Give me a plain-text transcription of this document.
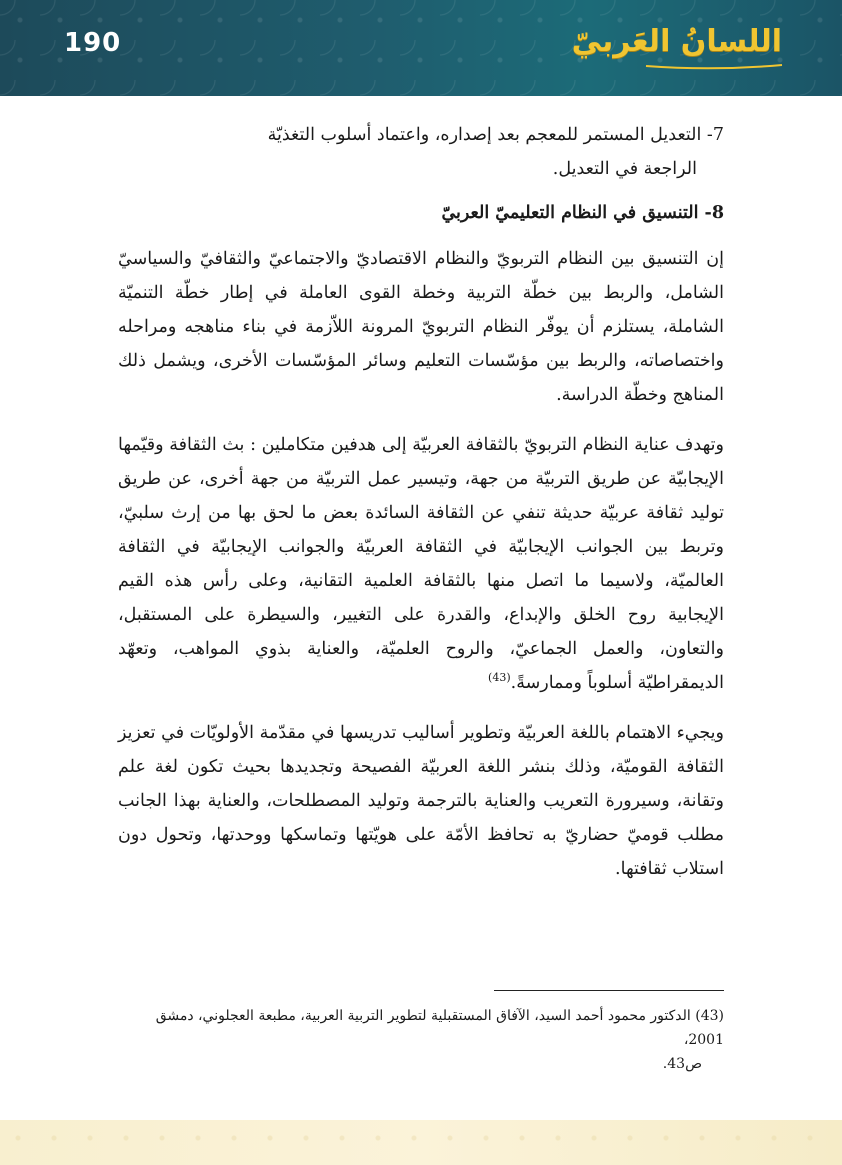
190	اللسانُ العَربيّ

7- التعديل المستمر للمعجم بعد إصداره، واعتماد أسلوب التغذيّة

الراجعة في التعديل.

8- التنسيق في النظام التعليميّ العربيّ

إن التنسيق بين النظام التربويّ والنظام الاقتصاديّ والاجتماعيّ والثقافيّ والسياسيّ الشامل، والربط بين خطّة التربية وخطة القوى العاملة في إطار خطّة التنميّة الشاملة، يستلزم أن يوفّر النظام التربويّ المرونة اللاّزمة في بناء مناهجه ومراحله واختصاصاته، والربط بين مؤسّسات التعليم وسائر المؤسّسات الأخرى، ويشمل ذلك المناهج وخطّة الدراسة.

وتهدف عناية النظام التربويّ بالثقافة العربيّة إلى هدفين متكاملين : بث الثقافة وقيّمها الإيجابيّة عن طريق التربيّة من جهة، وتيسير عمل التربيّة من جهة أخرى، عن طريق توليد ثقافة عربيّة حديثة تنفي عن الثقافة السائدة بعض ما لحق بها من إرث سلبيّ، وتربط بين الجوانب الإيجابيّة في الثقافة العربيّة والجوانب الإيجابيّة في الثقافة العالميّة، ولاسيما ما اتصل منها بالثقافة العلمية التقانية، وعلى رأس هذه القيم الإيجابية روح الخلق والإبداع، والقدرة على التغيير، والسيطرة على المستقبل، والتعاون، والعمل الجماعيّ، والروح العلميّة، والعناية بذوي المواهب، وتعهّد الديمقراطيّة أسلوباً وممارسةً.$^{(43)}$

ويجيء الاهتمام باللغة العربيّة وتطوير أساليب تدريسها في مقدّمة الأولويّات في تعزيز الثقافة القوميّة، وذلك بنشر اللغة العربيّة الفصيحة وتجديدها بحيث تكون لغة علم وتقانة، وسيرورة التعريب والعناية بالترجمة وتوليد المصطلحات، والعناية بهذا الجانب مطلب قوميّ حضاريّ به تحافظ الأمّة على هويّتها وتماسكها ووحدتها، وتحول دون استلاب ثقافتها.

(43) الدكتور محمود أحمد السيد، الآفاق المستقبلية لتطوير التربية العربية، مطبعة العجلوني، دمشق 2001،
ص43.
